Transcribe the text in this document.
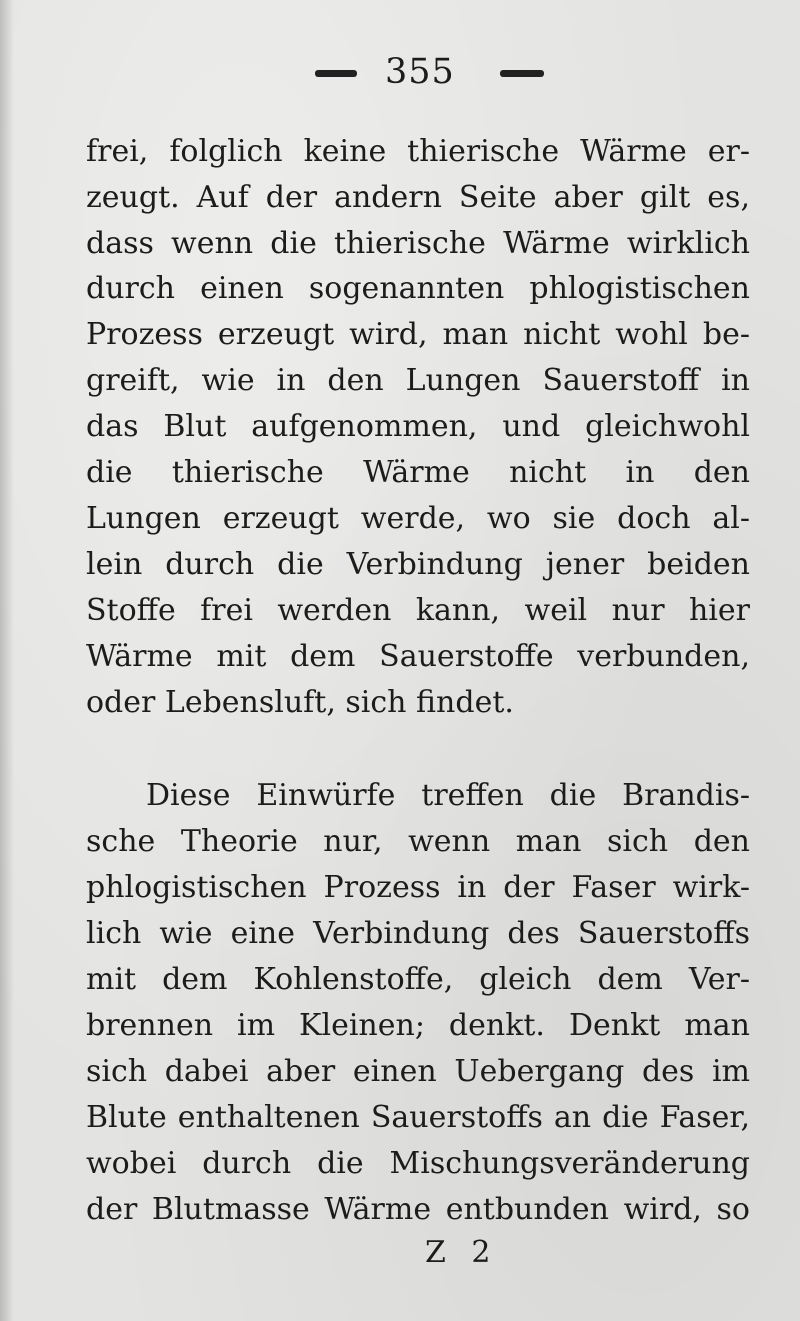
355
frei, folglich keine thierische Wärme er-
zeugt. Auf der andern Seite aber gilt es,
dass wenn die thierische Wärme wirklich
durch einen sogenannten phlogistischen
Prozess erzeugt wird, man nicht wohl be-
greift, wie in den Lungen Sauerstoff in
das Blut aufgenommen, und gleichwohl
die thierische Wärme nicht in den
Lungen erzeugt werde, wo sie doch al-
lein durch die Verbindung jener beiden
Stoffe frei werden kann, weil nur hier
Wärme mit dem Sauerstoffe verbunden,
oder Lebensluft, sich findet.
Diese Einwürfe treffen die Brandis-
sche Theorie nur, wenn man sich den
phlogistischen Prozess in der Faser wirk-
lich wie eine Verbindung des Sauerstoffs
mit dem Kohlenstoffe, gleich dem Ver-
brennen im Kleinen; denkt. Denkt man
sich dabei aber einen Uebergang des im
Blute enthaltenen Sauerstoffs an die Faser,
wobei durch die Mischungsveränderung
der Blutmasse Wärme entbunden wird, so
Z 2
